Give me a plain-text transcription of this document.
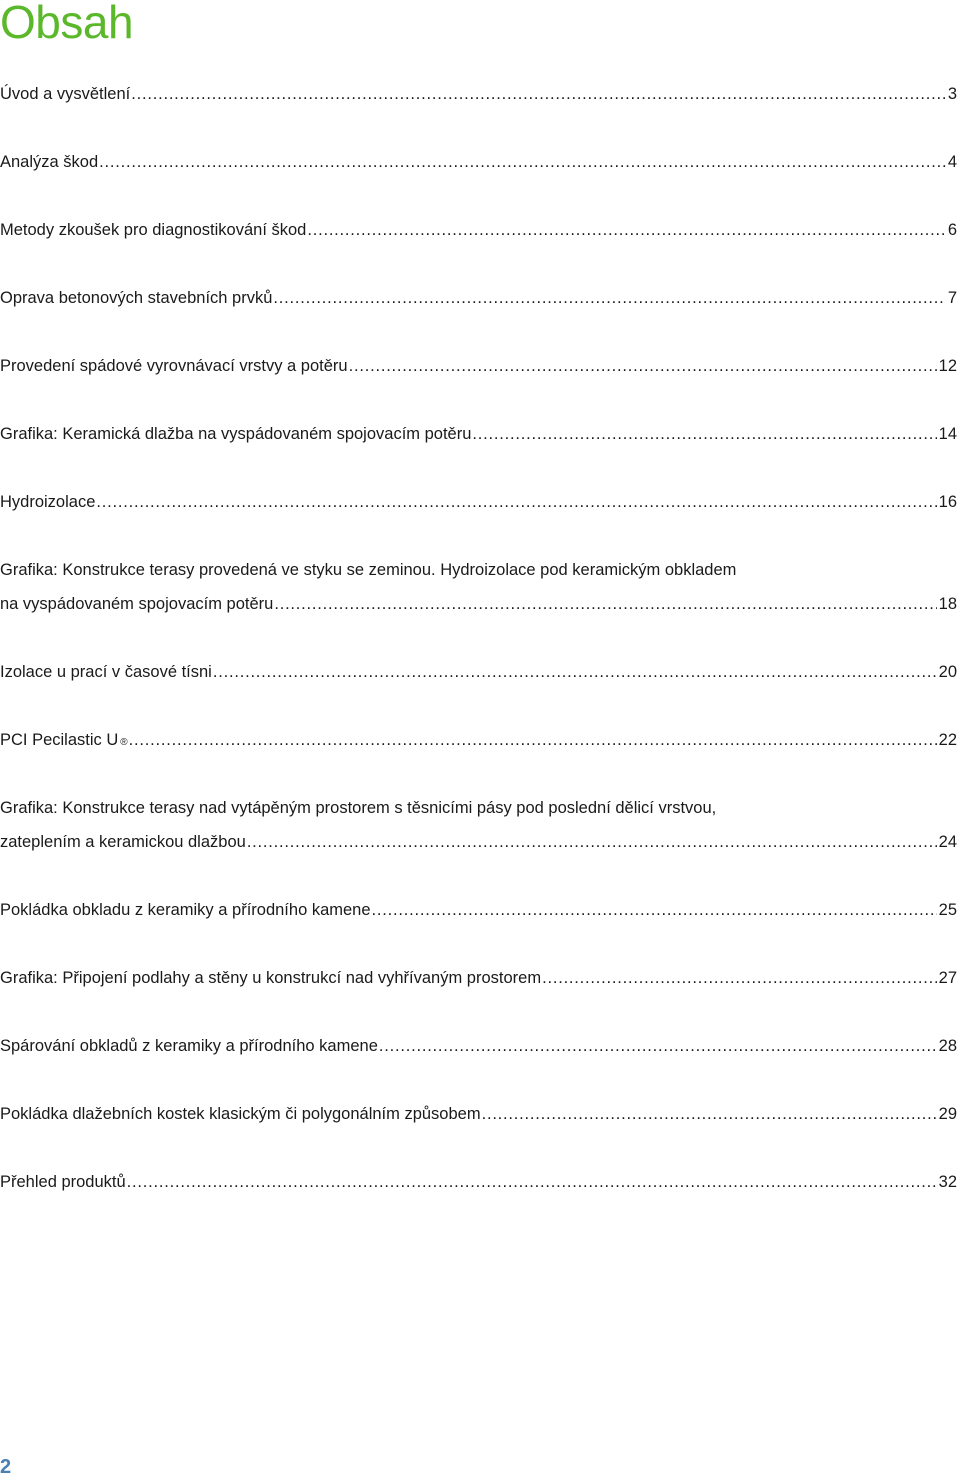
Obsah
Úvod a vysvětlení . . .	3
Analýza škod . . .	4
Metody zkoušek pro diagnostikování škod . . .	6
Oprava betonových stavebních prvků . . .	7
Provedení spádové vyrovnávací vrstvy a potěru . . .	12
Grafika: Keramická dlažba na vyspádovaném spojovacím potěru . . .	14
Hydroizolace . . .	16
Grafika: Konstrukce terasy provedená ve styku se zeminou. Hydroizolace pod keramickým obkladem
na vyspádovaném spojovacím potěru . . .	18
Izolace u prací v časové tísni . . .	20
PCI Pecilastic U ® . . .	22
Grafika: Konstrukce terasy nad vytápěným prostorem s těsnicími pásy pod poslední dělicí vrstvou,
zateplením a keramickou dlažbou . . .	24
Pokládka obkladu z keramiky a přírodního kamene . . .	25
Grafika: Připojení podlahy a stěny u konstrukcí nad vyhřívaným prostorem . . .	27
Spárování obkladů z keramiky a přírodního kamene . . .	28
Pokládka dlažebních kostek klasickým či polygonálním způsobem . . .	29
Přehled produktů . . .	32
2
